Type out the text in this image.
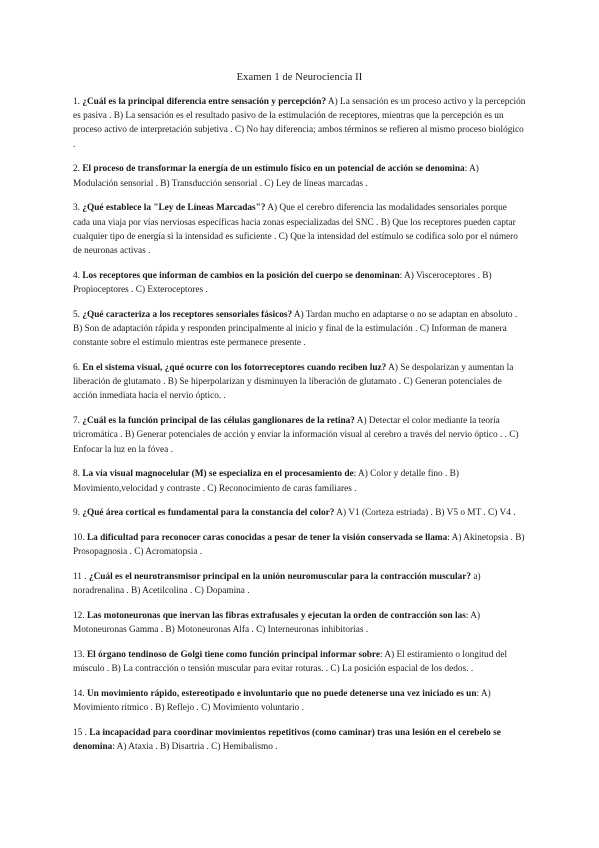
Examen 1 de Neurociencia II

1. ¿Cuál es la principal diferencia entre sensación y percepción? A) La sensación es un proceso activo y la percepción es pasiva . B) La sensación es el resultado pasivo de la estimulación de receptores, mientras que la percepción es un proceso activo de interpretación subjetiva . C) No hay diferencia; ambos términos se refieren al mismo proceso biológico .

2. El proceso de transformar la energía de un estímulo físico en un potencial de acción se denomina: A) Modulación sensorial . B) Transducción sensorial . C) Ley de líneas marcadas .

3. ¿Qué establece la "Ley de Líneas Marcadas"? A) Que el cerebro diferencia las modalidades sensoriales porque cada una viaja por vías nerviosas específicas hacia zonas especializadas del SNC . B) Que los receptores pueden captar cualquier tipo de energía si la intensidad es suficiente . C) Que la intensidad del estímulo se codifica solo por el número de neuronas activas .

4. Los receptores que informan de cambios en la posición del cuerpo se denominan: A) Visceroceptores . B) Propioceptores . C) Exteroceptores .

5. ¿Qué caracteriza a los receptores sensoriales fásicos? A) Tardan mucho en adaptarse o no se adaptan en absoluto . B) Son de adaptación rápida y responden principalmente al inicio y final de la estimulación . C) Informan de manera constante sobre el estímulo mientras este permanece presente .

6. En el sistema visual, ¿qué ocurre con los fotorreceptores cuando reciben luz? A) Se despolarizan y aumentan la liberación de glutamato . B) Se hiperpolarizan y disminuyen la liberación de glutamato . C) Generan potenciales de acción inmediata hacia el nervio óptico. .

7. ¿Cuál es la función principal de las células ganglionares de la retina? A) Detectar el color mediante la teoría tricromática . B) Generar potenciales de acción y enviar la información visual al cerebro a través del nervio óptico . . C) Enfocar la luz en la fóvea .

8. La vía visual magnocelular (M) se especializa en el procesamiento de: A) Color y detalle fino . B) Movimiento,velocidad y contraste . C) Reconocimiento de caras familiares .

9. ¿Qué área cortical es fundamental para la constancia del color? A) V1 (Corteza estriada) . B) V5 o MT . C) V4 .

10. La dificultad para reconocer caras conocidas a pesar de tener la visión conservada se llama: A) Akinetopsia . B) Prosopagnosia . C) Acromatopsia .

11 . ¿Cuál es el neurotransmisor principal en la unión neuromuscular para la contracción muscular? a) noradrenalina . B) Acetilcolina . C) Dopamina .

12. Las motoneuronas que inervan las fibras extrafusales y ejecutan la orden de contracción son las: A) Motoneuronas Gamma . B) Motoneuronas Alfa . C) Interneuronas inhibitorias .

13. El órgano tendinoso de Golgi tiene como función principal informar sobre: A) El estiramiento o longitud del músculo . B) La contracción o tensión muscular para evitar roturas. . C) La posición espacial de los dedos. .

14. Un movimiento rápido, estereotipado e involuntario que no puede detenerse una vez iniciado es un: A) Movimiento rítmico . B) Reflejo . C) Movimiento voluntario .

15 . La incapacidad para coordinar movimientos repetitivos (como caminar) tras una lesión en el cerebelo se denomina: A) Ataxia . B) Disartria . C) Hemibalismo .
